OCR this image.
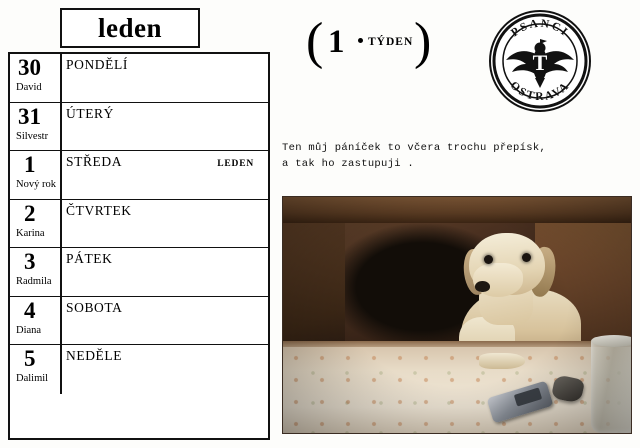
leden
30
David
PONDĚLÍ
31
Silvestr
ÚTERÝ
1
Nový rok
STŘEDA	LEDEN
2
Karina
ČTVRTEK
3
Radmila
PÁTEK
4
Diana
SOBOTA
5
Dalimil
NEDĚLE
( 1 TÝDEN )	T
PSANCI
OSTRAVA
Ten můj páníček to včera trochu přepísk,
a tak ho zastupuji .
